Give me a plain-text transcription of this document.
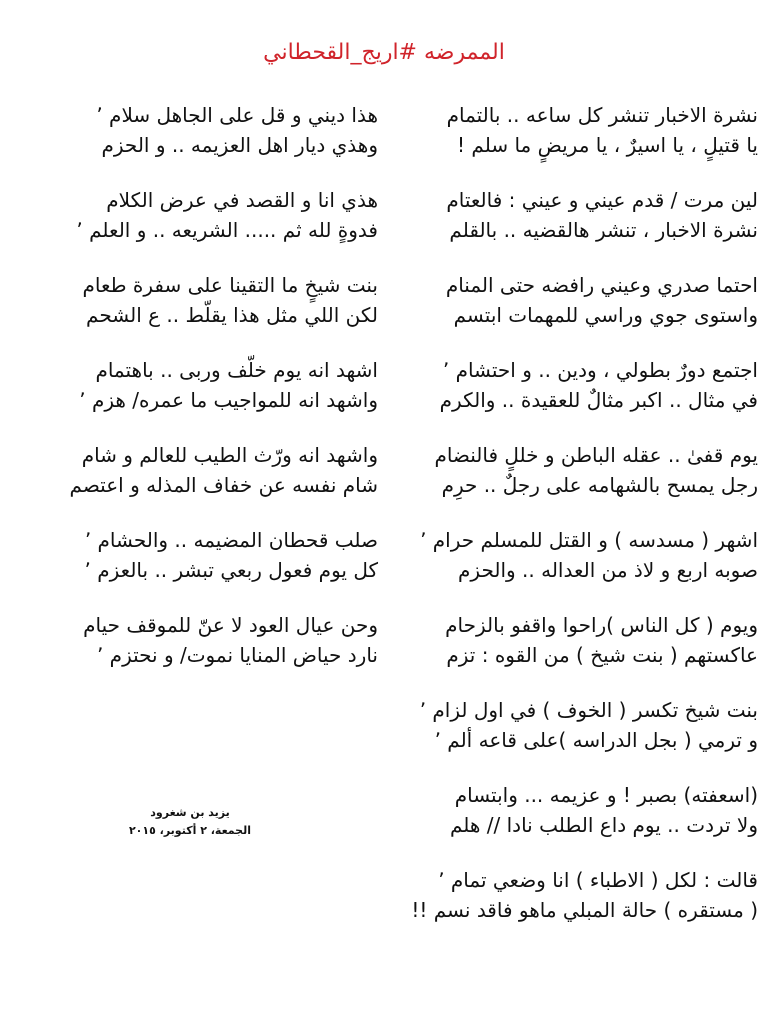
الممرضه #اريج_القحطاني
نشرة الاخبار تنشر كل ساعه .. بالتمام
يا قتيلٍ ، يا اسيرٌ ، يا مريضٍ ما سلم !
لين مرت / قدم عيني و عيني : فالعتام
نشرة الاخبار ، تنشر هالقضيه .. بالقلم
احتما صدري وعيني رافضه حتى المنام
واستوى جوي وراسي للمهمات ابتسم
اجتمع دورٌ بطولي ، ودين .. و احتشام ٬
في مثال .. اكبر مثالٌ للعقيدة .. والكرم
يوم قفىٰ .. عقله الباطن و خللٍ فالنضام
رجل يمسح بالشهامه على رجلٌ .. حرِم
اشهر ( مسدسه ) و القتل للمسلم حرام ٬
صوبه اربع و لاذ من العداله .. والحزم
ويوم ( كل الناس )راحوا واقفو بالزحام
عاكستهم ( بنت شيخ ) من القوه : تزم
بنت شيخ تكسر ( الخوف ) في اول لزام ٬
و ترمي ( بجل الدراسه )على قاعه ألم ٬
(اسعفته) بصبر ! و عزيمه ... وابتسام
ولا تردت .. يوم داع الطلب نادا // هلم
قالت : لكل ( الاطباء ) انا وضعي تمام ٬
( مستقره ) حالة المبلي ماهو فاقد نسم !!
هذا ديني و قل على الجاهل سلام ٬
وهذي ديار اهل العزيمه .. و الحزم
هذي انا و القصد في عرض الكلام
فدوةٍ لله ثم ..... الشريعه .. و العلم ٬
بنت شيخٍ ما التقينا على سفرة طعام
لكن اللي مثل هذا يقلّط .. ع الشحم
اشهد انه يوم خلّف وربى .. باهتمام
واشهد انه للمواجيب ما عمره/ هزم ٬
واشهد انه ورّث الطيب للعالم و شام
شام نفسه عن خفاف المذله و اعتصم
صلب قحطان المضيمه .. والحشام ٬
كل يوم فعول ربعي تبشر .. بالعزم ٬
وحن عيال العود لا عنّ للموقف حيام
نارد حياض المنايا نموت/ و نحتزم ٬
يزيد بن شغرود
الجمعة، ٢ أكتوبر، ٢٠١٥
